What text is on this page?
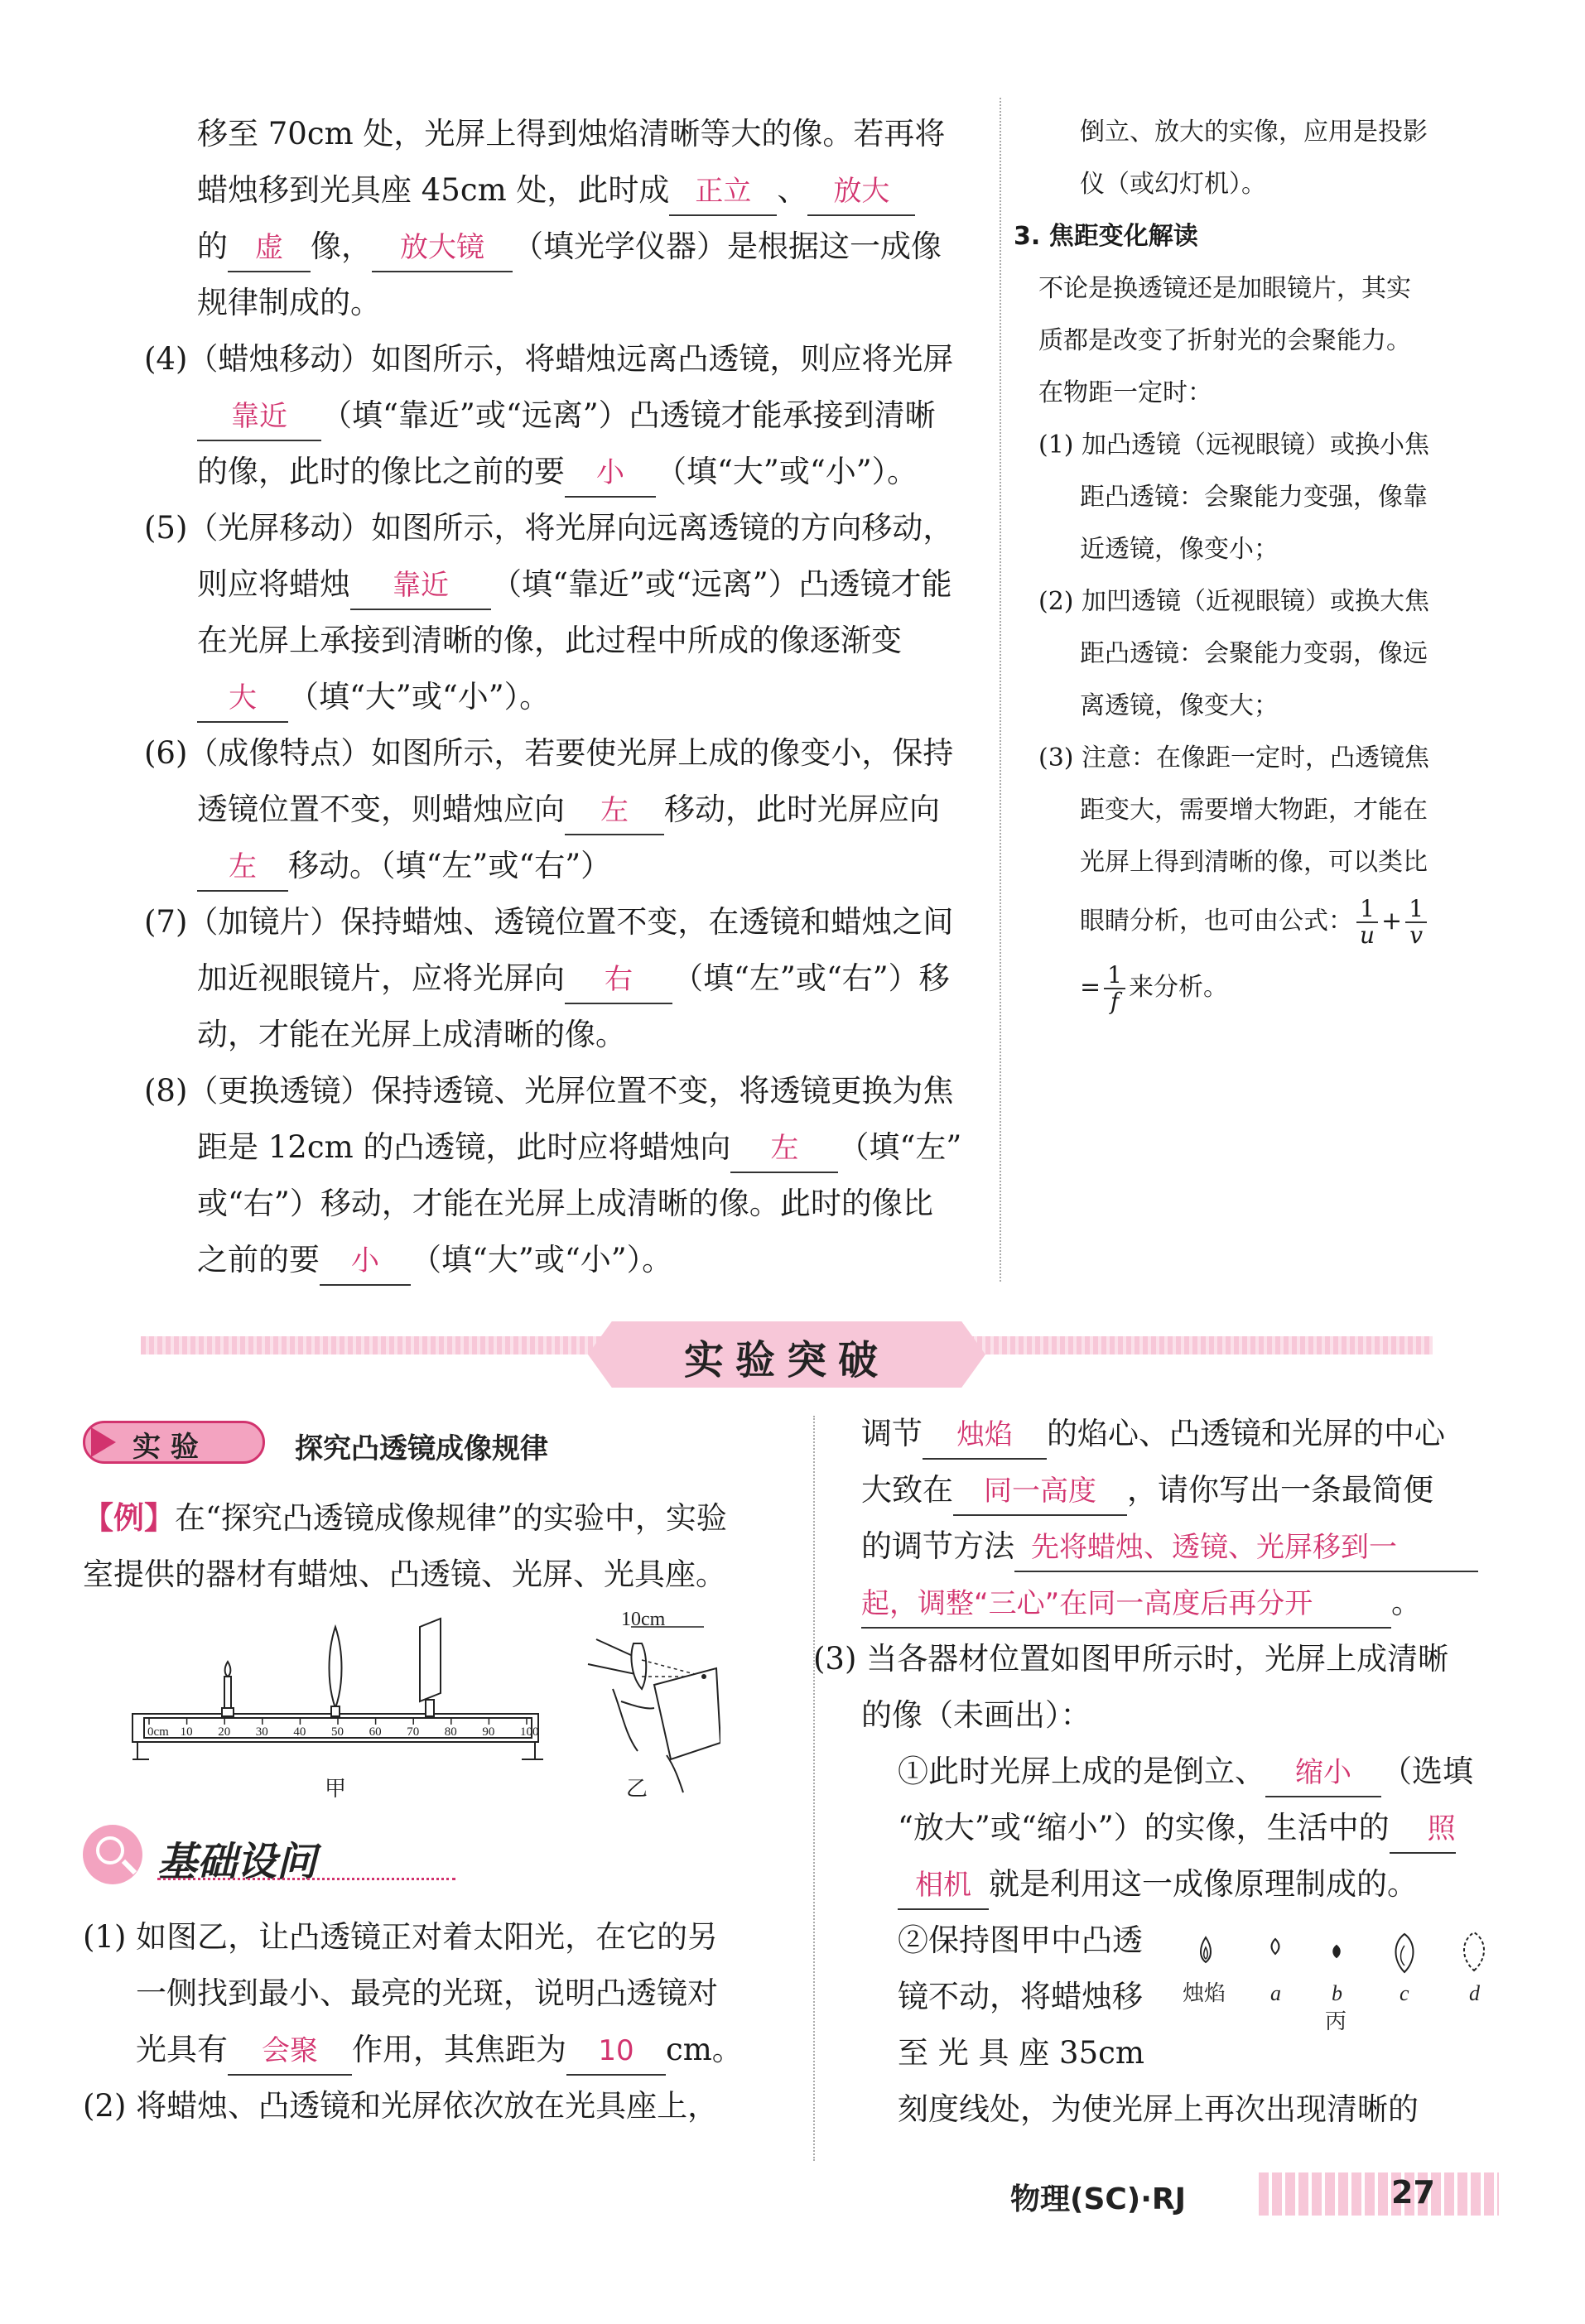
移至 70cm 处，光屏上得到烛焰清晰等大的像。若再将
蜡烛移到光具座 45cm 处，此时成 正立 、 放大
的 虚 像， 放大镜 （填光学仪器）是根据这一成像
规律制成的。
(4)（蜡烛移动）如图所示，将蜡烛远离凸透镜，则应将光屏
靠近 （填“靠近”或“远离”）凸透镜才能承接到清晰
的像，此时的像比之前的要 小 （填“大”或“小”）。
(5)（光屏移动）如图所示，将光屏向远离透镜的方向移动，
则应将蜡烛 靠近 （填“靠近”或“远离”）凸透镜才能
在光屏上承接到清晰的像，此过程中所成的像逐渐变
大 （填“大”或“小”）。
(6)（成像特点）如图所示，若要使光屏上成的像变小，保持
透镜位置不变，则蜡烛应向 左 移动，此时光屏应向
左 移动。（填“左”或“右”）
(7)（加镜片）保持蜡烛、透镜位置不变，在透镜和蜡烛之间
加近视眼镜片，应将光屏向 右 （填“左”或“右”）移
动，才能在光屏上成清晰的像。
(8)（更换透镜）保持透镜、光屏位置不变，将透镜更换为焦
距是 12cm 的凸透镜，此时应将蜡烛向 左 （填“左”
或“右”）移动，才能在光屏上成清晰的像。此时的像比
之前的要 小 （填“大”或“小”）。
倒立、放大的实像，应用是投影
仪（或幻灯机）。
3. 焦距变化解读
不论是换透镜还是加眼镜片，其实
质都是改变了折射光的会聚能力。
在物距一定时：
(1) 加凸透镜（远视眼镜）或换小焦
距凸透镜：会聚能力变强，像靠
近透镜，像变小；
(2) 加凹透镜（近视眼镜）或换大焦
距凸透镜：会聚能力变弱，像远
离透镜，像变大；
(3) 注意：在像距一定时，凸透镜焦
距变大，需要增大物距，才能在
光屏上得到清晰的像，可以类比
眼睛分析，也可由公式： $\frac{1}{u} + \frac{1}{v}$
= $\frac{1}{f}$ 来分析。
实验突破
实 验	探究凸透镜成像规律
【例】在“探究凸透镜成像规律”的实验中，实验
室提供的器材有蜡烛、凸透镜、光屏、光具座。
0cm 10 20 30 40 50 60 70 80 90 100
10cm
甲	乙
基础设问
(1) 如图乙，让凸透镜正对着太阳光，在它的另
一侧找到最小、最亮的光斑，说明凸透镜对
光具有 会聚 作用，其焦距为 10 cm。
(2) 将蜡烛、凸透镜和光屏依次放在光具座上，
调节 烛焰 的焰心、凸透镜和光屏的中心
大致在 同一高度 ，请你写出一条最简便
的调节方法 先将蜡烛、透镜、光屏移到一
起，调整“三心”在同一高度后再分开	。
(3) 当各器材位置如图甲所示时，光屏上成清晰
的像（未画出）：
①此时光屏上成的是倒立、 缩小 （选填
“放大”或“缩小”）的实像，生活中的 照
相机 就是利用这一成像原理制成的。
②保持图甲中凸透
镜不动，将蜡烛移
至 光 具 座 35cm
刻度线处，为使光屏上再次出现清晰的
烛焰 a b	c	d
丙
物理(SC)·RJ	27
